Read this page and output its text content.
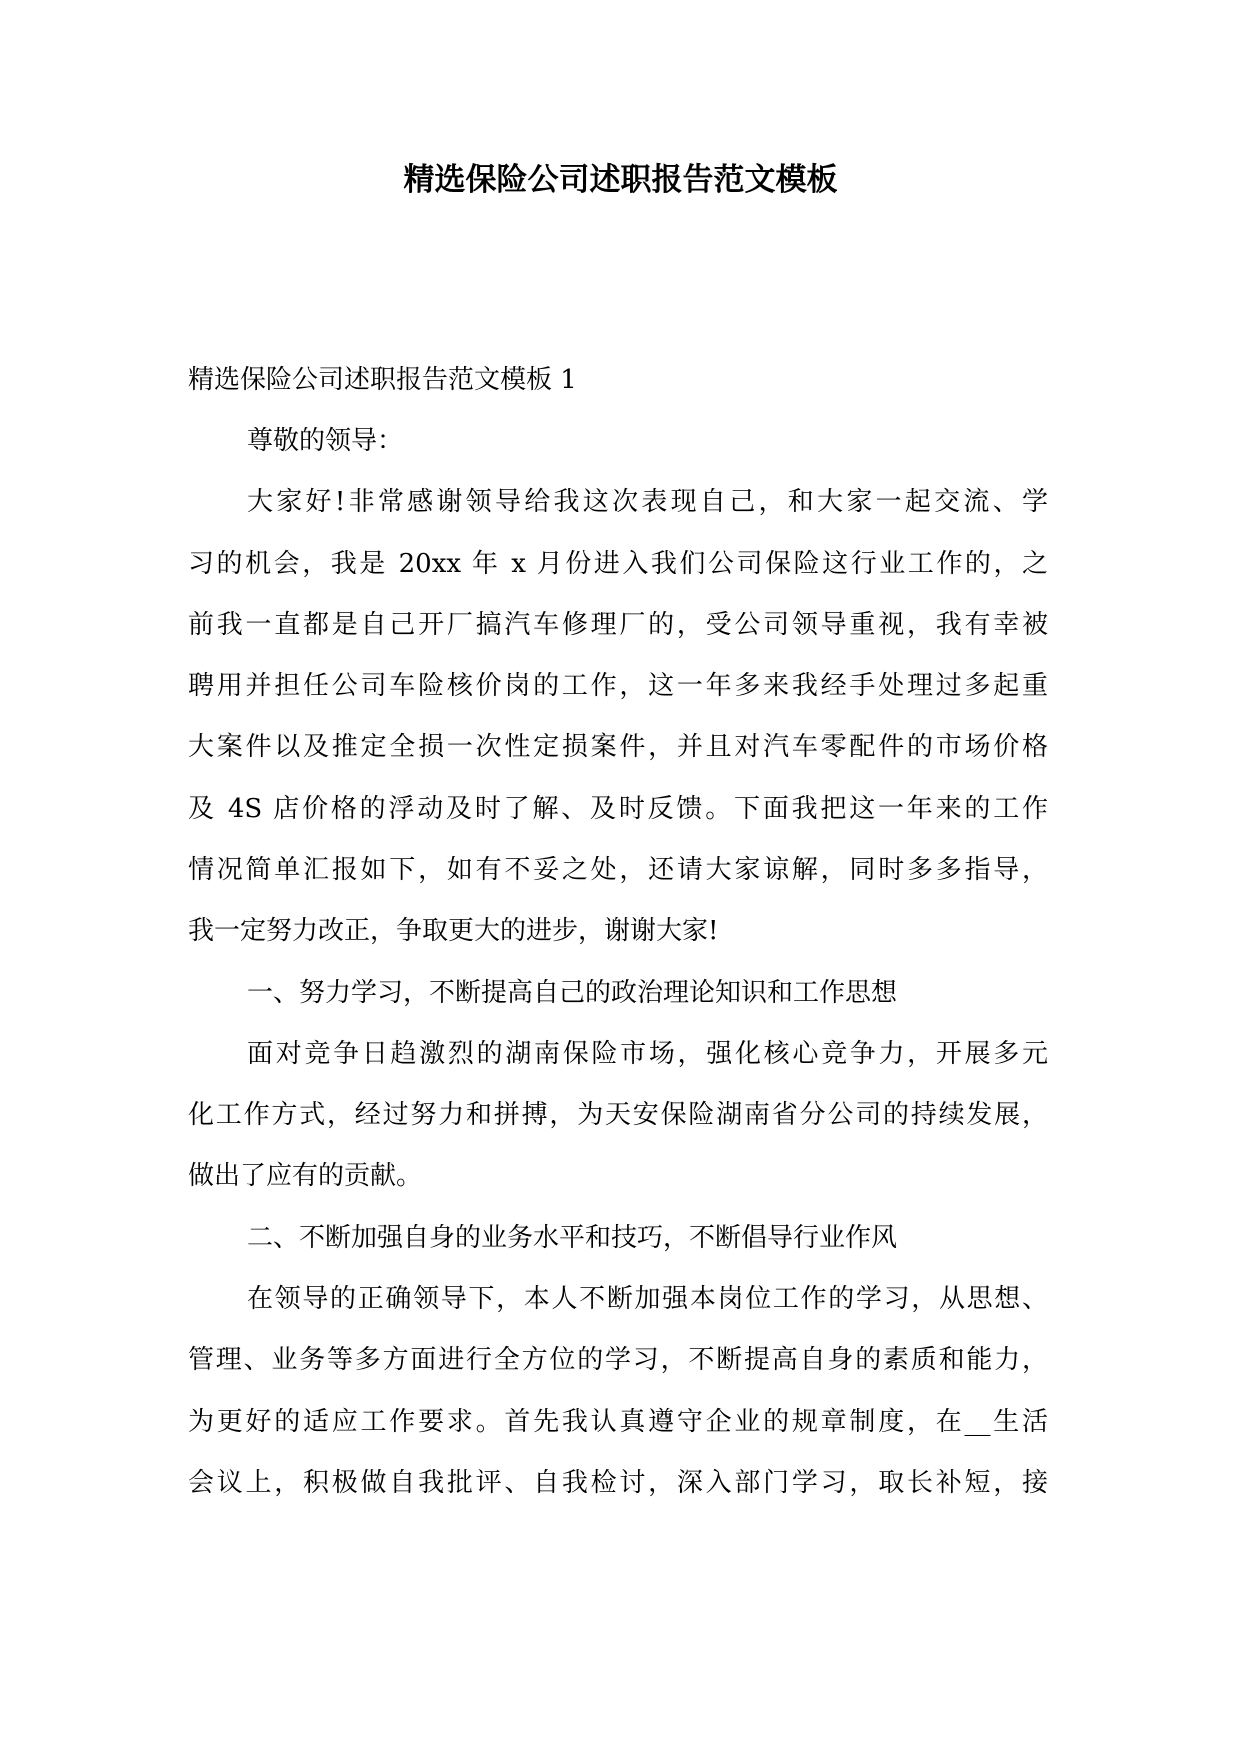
精选保险公司述职报告范文模板
精选保险公司述职报告范文模板 1
尊敬的领导：
大家好!非常感谢领导给我这次表现自己，和大家一起交流、学
习的机会，我是 20xx 年 x 月份进入我们公司保险这行业工作的，之
前我一直都是自己开厂搞汽车修理厂的，受公司领导重视，我有幸被
聘用并担任公司车险核价岗的工作，这一年多来我经手处理过多起重
大案件以及推定全损一次性定损案件，并且对汽车零配件的市场价格
及 4S 店价格的浮动及时了解、及时反馈。下面我把这一年来的工作
情况简单汇报如下，如有不妥之处，还请大家谅解，同时多多指导，
我一定努力改正，争取更大的进步，谢谢大家!
一、努力学习，不断提高自己的政治理论知识和工作思想
面对竞争日趋激烈的湖南保险市场，强化核心竞争力，开展多元
化工作方式，经过努力和拼搏，为天安保险湖南省分公司的持续发展，
做出了应有的贡献。
二、不断加强自身的业务水平和技巧，不断倡导行业作风
在领导的正确领导下，本人不断加强本岗位工作的学习，从思想、
管理、业务等多方面进行全方位的学习，不断提高自身的素质和能力，
为更好的适应工作要求。首先我认真遵守企业的规章制度，在__生活
会议上，积极做自我批评、自我检讨，深入部门学习，取长补短，接
